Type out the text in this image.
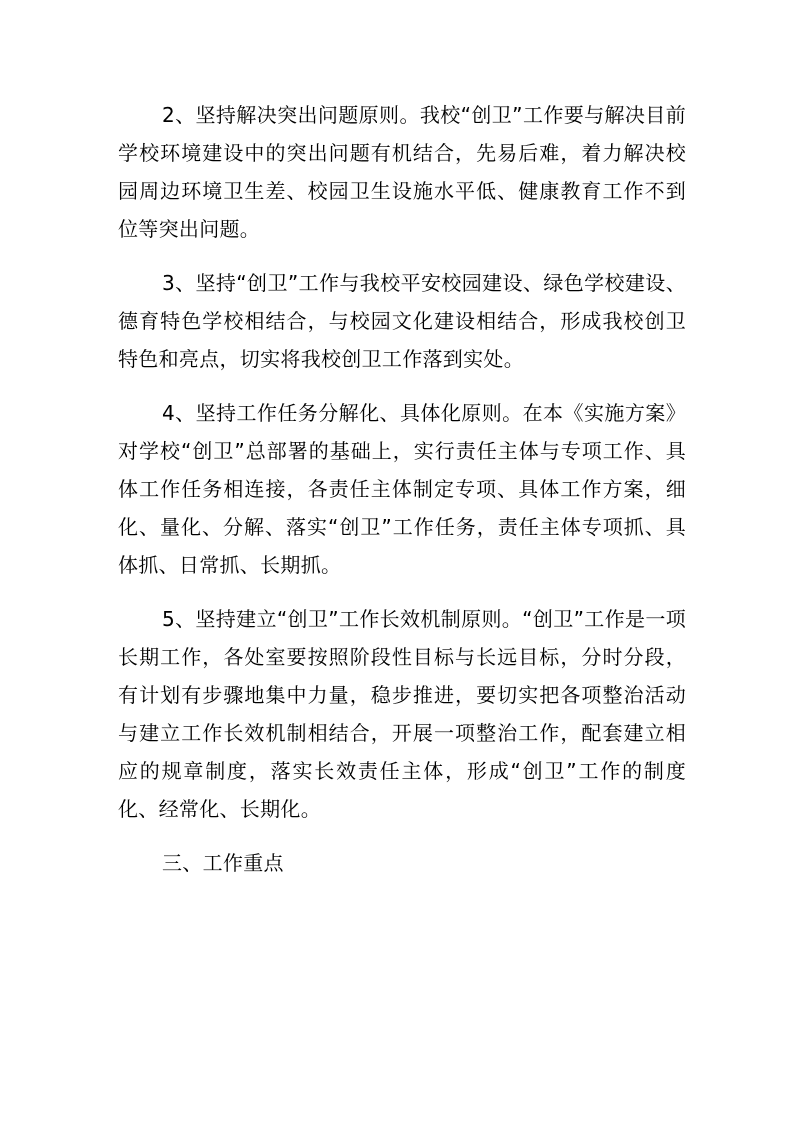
2、坚持解决突出问题原则。我校“创卫”工作要与解决目前学校环境建设中的突出问题有机结合，先易后难，着力解决校园周边环境卫生差、校园卫生设施水平低、健康教育工作不到位等突出问题。

3、坚持“创卫”工作与我校平安校园建设、绿色学校建设、德育特色学校相结合，与校园文化建设相结合，形成我校创卫特色和亮点，切实将我校创卫工作落到实处。

4、坚持工作任务分解化、具体化原则。在本《实施方案》对学校“创卫”总部署的基础上，实行责任主体与专项工作、具体工作任务相连接，各责任主体制定专项、具体工作方案，细化、量化、分解、落实“创卫”工作任务，责任主体专项抓、具体抓、日常抓、长期抓。

5、坚持建立“创卫”工作长效机制原则。“创卫”工作是一项长期工作，各处室要按照阶段性目标与长远目标，分时分段，有计划有步骤地集中力量，稳步推进，要切实把各项整治活动与建立工作长效机制相结合，开展一项整治工作，配套建立相应的规章制度，落实长效责任主体，形成“创卫”工作的制度化、经常化、长期化。

三、工作重点
